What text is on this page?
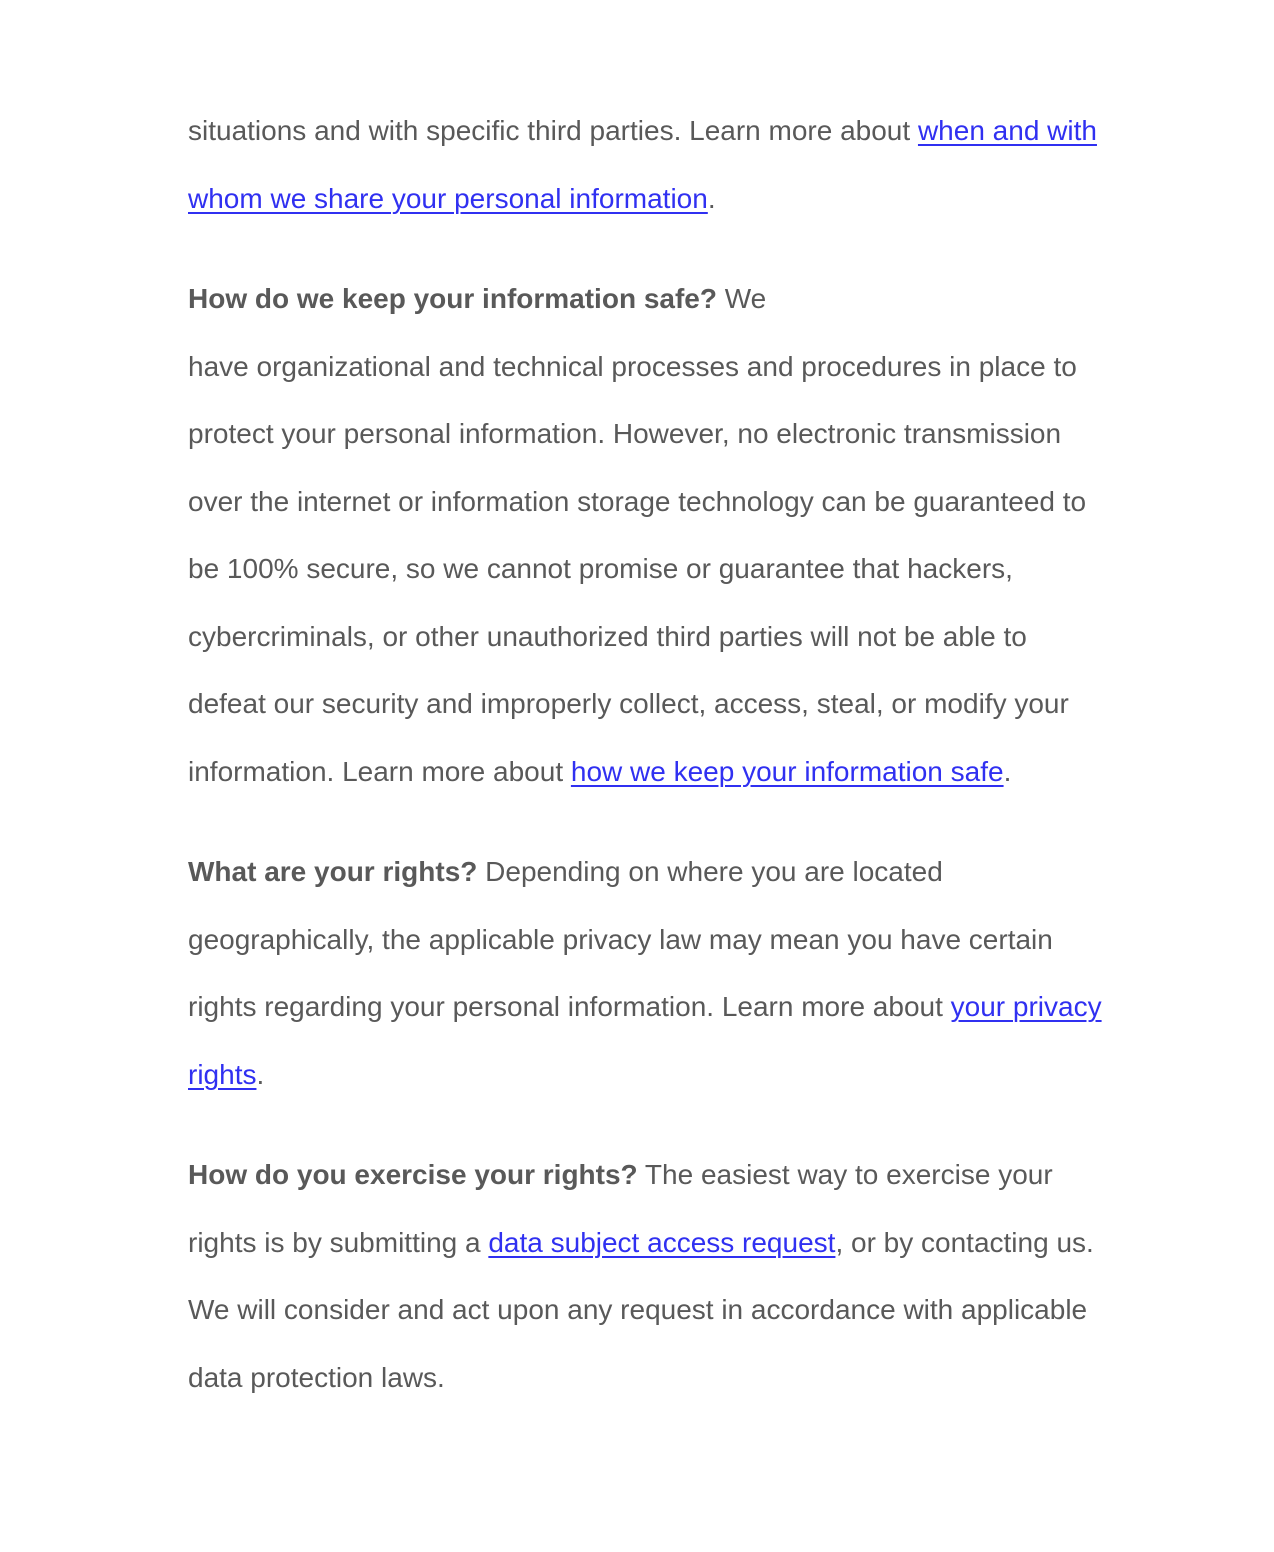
situations and with specific third parties. Learn more about when and with whom we share your personal information.

How do we keep your information safe? We
have organizational and technical processes and procedures in place to protect your personal information. However, no electronic transmission over the internet or information storage technology can be guaranteed to be 100% secure, so we cannot promise or guarantee that hackers, cybercriminals, or other unauthorized third parties will not be able to defeat our security and improperly collect, access, steal, or modify your information. Learn more about how we keep your information safe.

What are your rights? Depending on where you are located geographically, the applicable privacy law may mean you have certain rights regarding your personal information. Learn more about your privacy rights.

How do you exercise your rights? The easiest way to exercise your rights is by submitting a data subject access request, or by contacting us. We will consider and act upon any request in accordance with applicable data protection laws.
